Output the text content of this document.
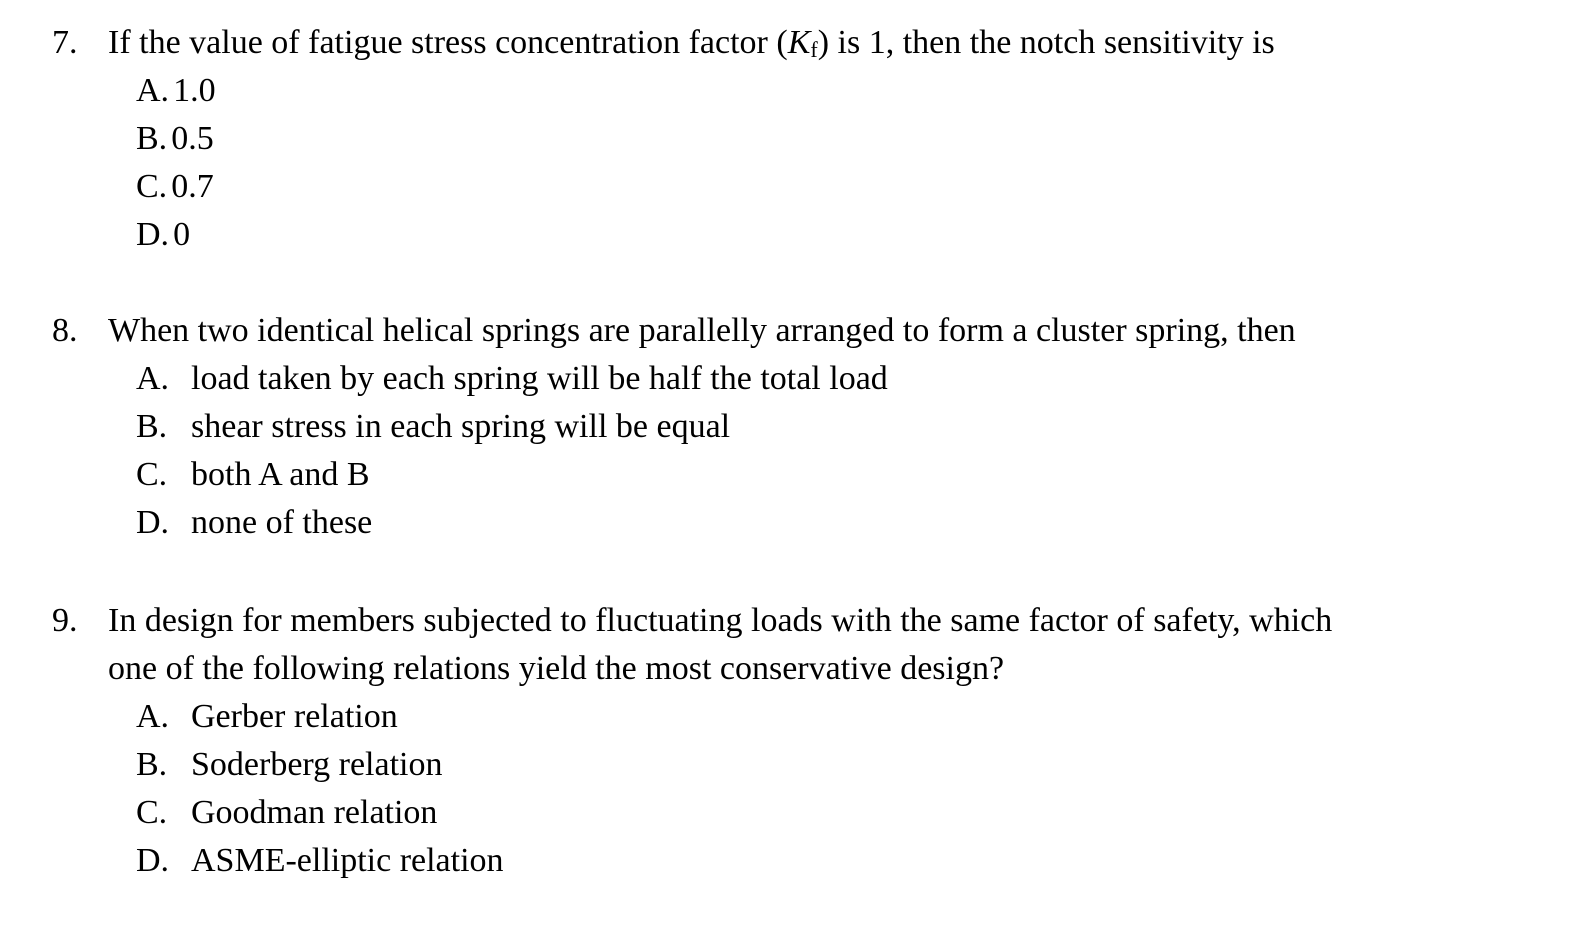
7. If the value of fatigue stress concentration factor (Kf) is 1, then the notch sensitivity is
A. 1.0
B. 0.5
C. 0.7
D. 0
8. When two identical helical springs are parallelly arranged to form a cluster spring, then
A. load taken by each spring will be half the total load
B. shear stress in each spring will be equal
C. both A and B
D. none of these
9. In design for members subjected to fluctuating loads with the same factor of safety, which
one of the following relations yield the most conservative design?
A. Gerber relation
B. Soderberg relation
C. Goodman relation
D. ASME-elliptic relation
